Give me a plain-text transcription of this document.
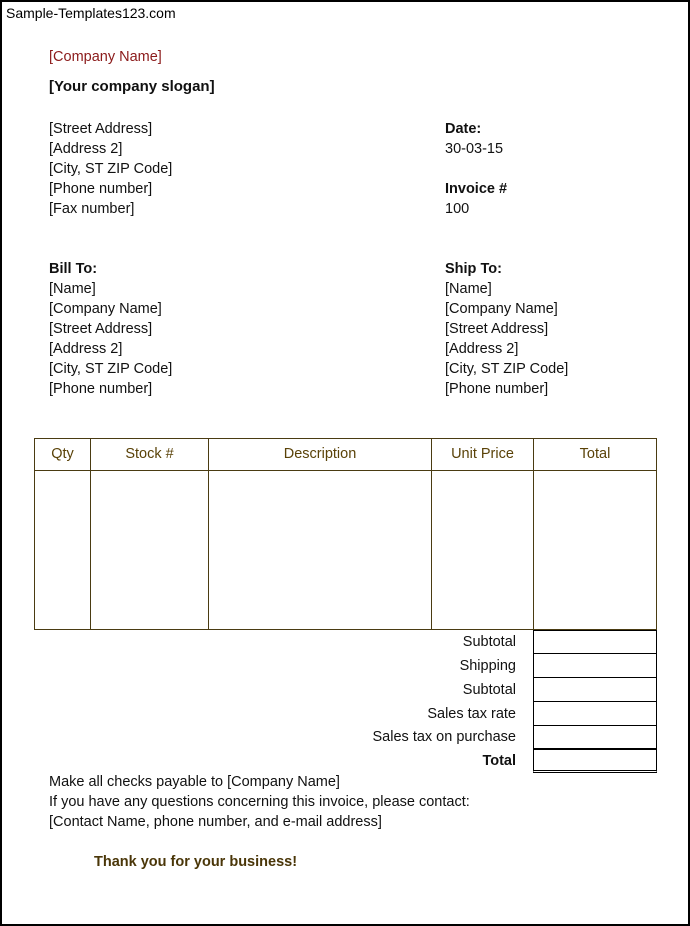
Sample-Templates123.com
[Company Name]
[Your company slogan]
[Street Address]
[Address 2]
[City, ST ZIP Code]
[Phone number]
[Fax number]
Date:
30-03-15
Invoice #
100
Bill To:
[Name]
[Company Name]
[Street Address]
[Address 2]
[City, ST ZIP Code]
[Phone number]
Ship To:
[Name]
[Company Name]
[Street Address]
[Address 2]
[City, ST ZIP Code]
[Phone number]
Qty	Stock #	Description	Unit Price	Total
Subtotal
Shipping
Subtotal
Sales tax rate
Sales tax on purchase
Total
Make all checks payable to [Company Name]
If you have any questions concerning this invoice, please contact:
[Contact Name, phone number, and e-mail address]
Thank you for your business!
